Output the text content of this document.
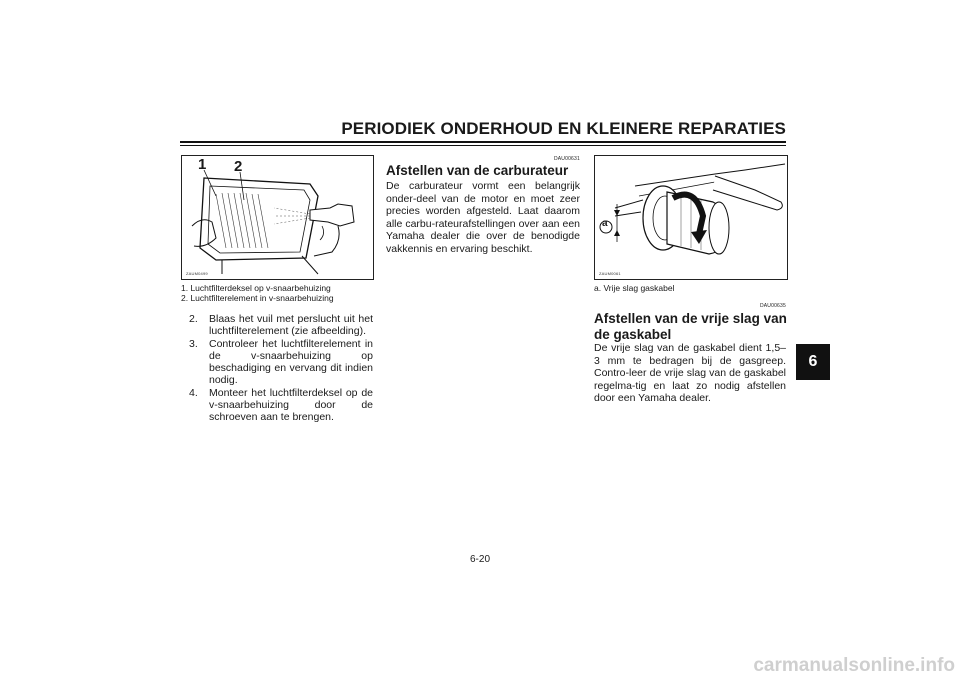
PERIODIEK ONDERHOUD EN KLEINERE REPARATIES
6
1 2
ZAUM0499
1. Luchtfilterdeksel op v-snaarbehuizing
2. Luchtfilterelement in v-snaarbehuizing

2. Blaas het vuil met perslucht uit het luchtfilterelement (zie afbeelding).

3. Controleer het luchtfilterelement in de v-snaarbehuizing op beschadiging en vervang dit indien nodig.

4. Monteer het luchtfilterdeksel op de v-snaarbehuizing door de schroeven aan te brengen.

DAU00631
Afstellen van de carburateur
De carburateur vormt een belangrijk onder-deel van de motor en moet zeer precies worden afgesteld. Laat daarom alle carbu-rateurafstellingen over aan een Yamaha dealer die over de benodigde vakkennis en ervaring beschikt.
a
ZAUM0061
a. Vrije slag gaskabel
DAU00635
Afstellen van de vrije slag van de gaskabel
De vrije slag van de gaskabel dient 1,5–3 mm te bedragen bij de gasgreep. Contro-leer de vrije slag van de gaskabel regelma-tig en laat zo nodig afstellen door een Yamaha dealer.
6-20
carmanualsonline.info
